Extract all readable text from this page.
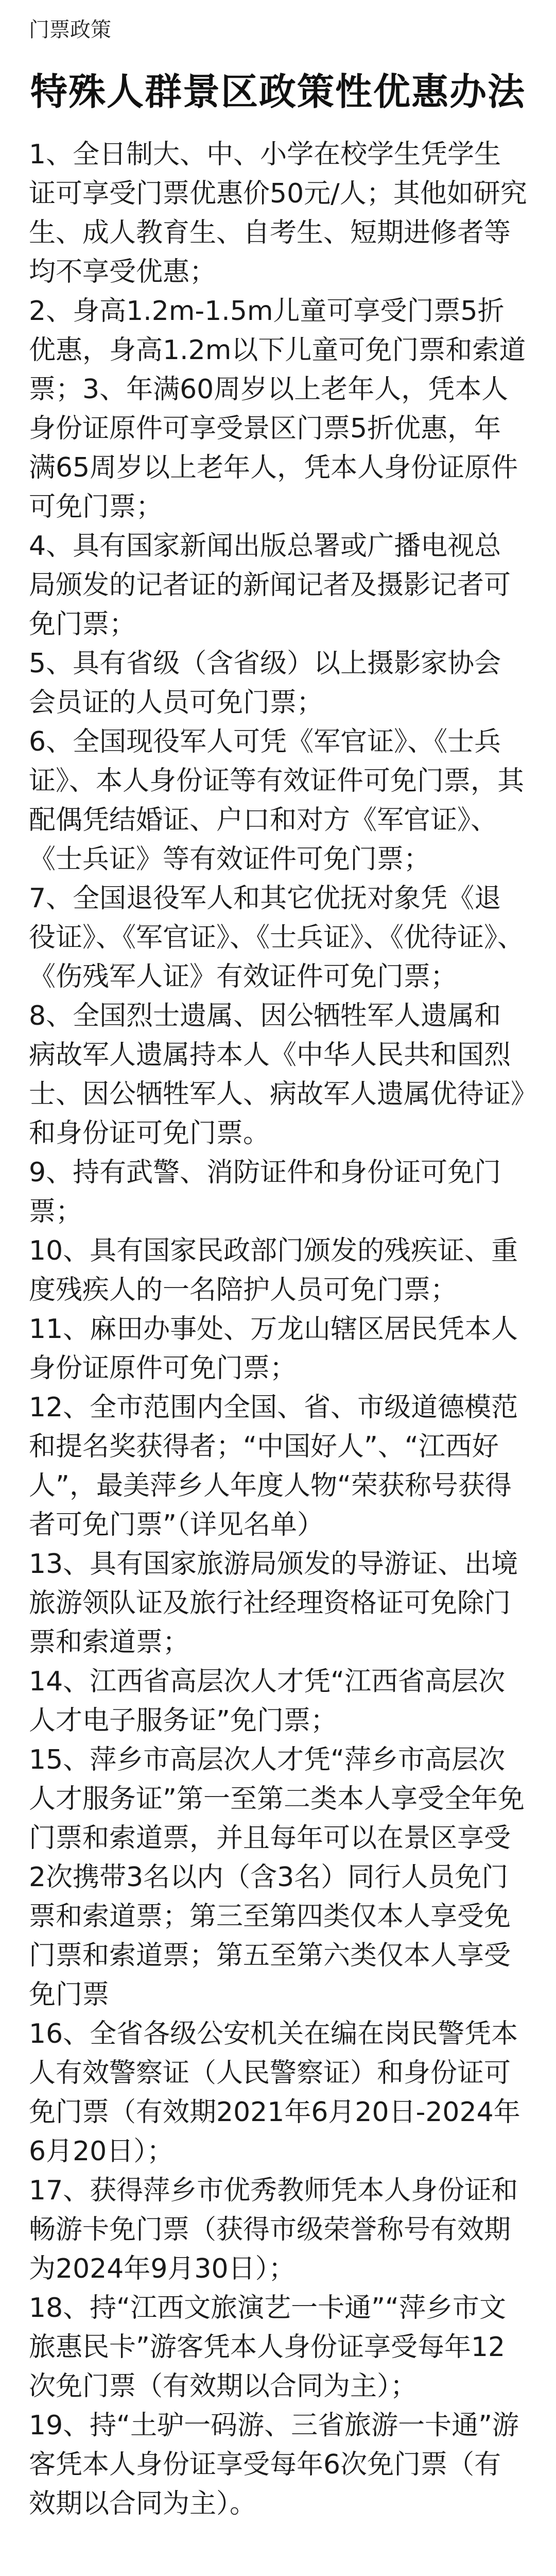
门票政策

特殊人群景区政策性优惠办法
1、全日制大、中、小学在校学生凭学生证可享受门票优惠价50元/人；其他如研究生、成人教育生、自考生、短期进修者等均不享受优惠；
2、身高1.2m-1.5m儿童可享受门票5折优惠，身高1.2m以下儿童可免门票和索道票；3、年满60周岁以上老年人，凭本人身份证原件可享受景区门票5折优惠，年满65周岁以上老年人，凭本人身份证原件可免门票；
4、具有国家新闻出版总署或广播电视总局颁发的记者证的新闻记者及摄影记者可免门票；
5、具有省级（含省级）以上摄影家协会会员证的人员可免门票；
6、全国现役军人可凭《军官证》、《士兵证》、本人身份证等有效证件可免门票，其配偶凭结婚证、户口和对方《军官证》、《士兵证》等有效证件可免门票；
7、全国退役军人和其它优抚对象凭《退役证》、《军官证》、《士兵证》、《优待证》、《伤残军人证》有效证件可免门票；
8、全国烈士遗属、因公牺牲军人遗属和病故军人遗属持本人《中华人民共和国烈士、因公牺牲军人、病故军人遗属优待证》和身份证可免门票。
9、持有武警、消防证件和身份证可免门票；
10、具有国家民政部门颁发的残疾证、重度残疾人的一名陪护人员可免门票；
11、麻田办事处、万龙山辖区居民凭本人身份证原件可免门票；
12、全市范围内全国、省、市级道德模范和提名奖获得者；“中国好人”、“江西好人”，最美萍乡人年度人物“荣获称号获得者可免门票”（详见名单）
13、具有国家旅游局颁发的导游证、出境旅游领队证及旅行社经理资格证可免除门票和索道票；
14、江西省高层次人才凭“江西省高层次人才电子服务证”免门票；
15、萍乡市高层次人才凭“萍乡市高层次人才服务证”第一至第二类本人享受全年免门票和索道票，并且每年可以在景区享受2次携带3名以内（含3名）同行人员免门票和索道票；第三至第四类仅本人享受免门票和索道票；第五至第六类仅本人享受免门票
16、全省各级公安机关在编在岗民警凭本人有效警察证（人民警察证）和身份证可免门票（有效期2021年6月20日-2024年6月20日）；
17、获得萍乡市优秀教师凭本人身份证和畅游卡免门票（获得市级荣誉称号有效期为2024年9月30日）；
18、持“江西文旅演艺一卡通”“萍乡市文旅惠民卡”游客凭本人身份证享受每年12次免门票（有效期以合同为主）；
19、持“土驴一码游、三省旅游一卡通”游客凭本人身份证享受每年6次免门票（有效期以合同为主）。
